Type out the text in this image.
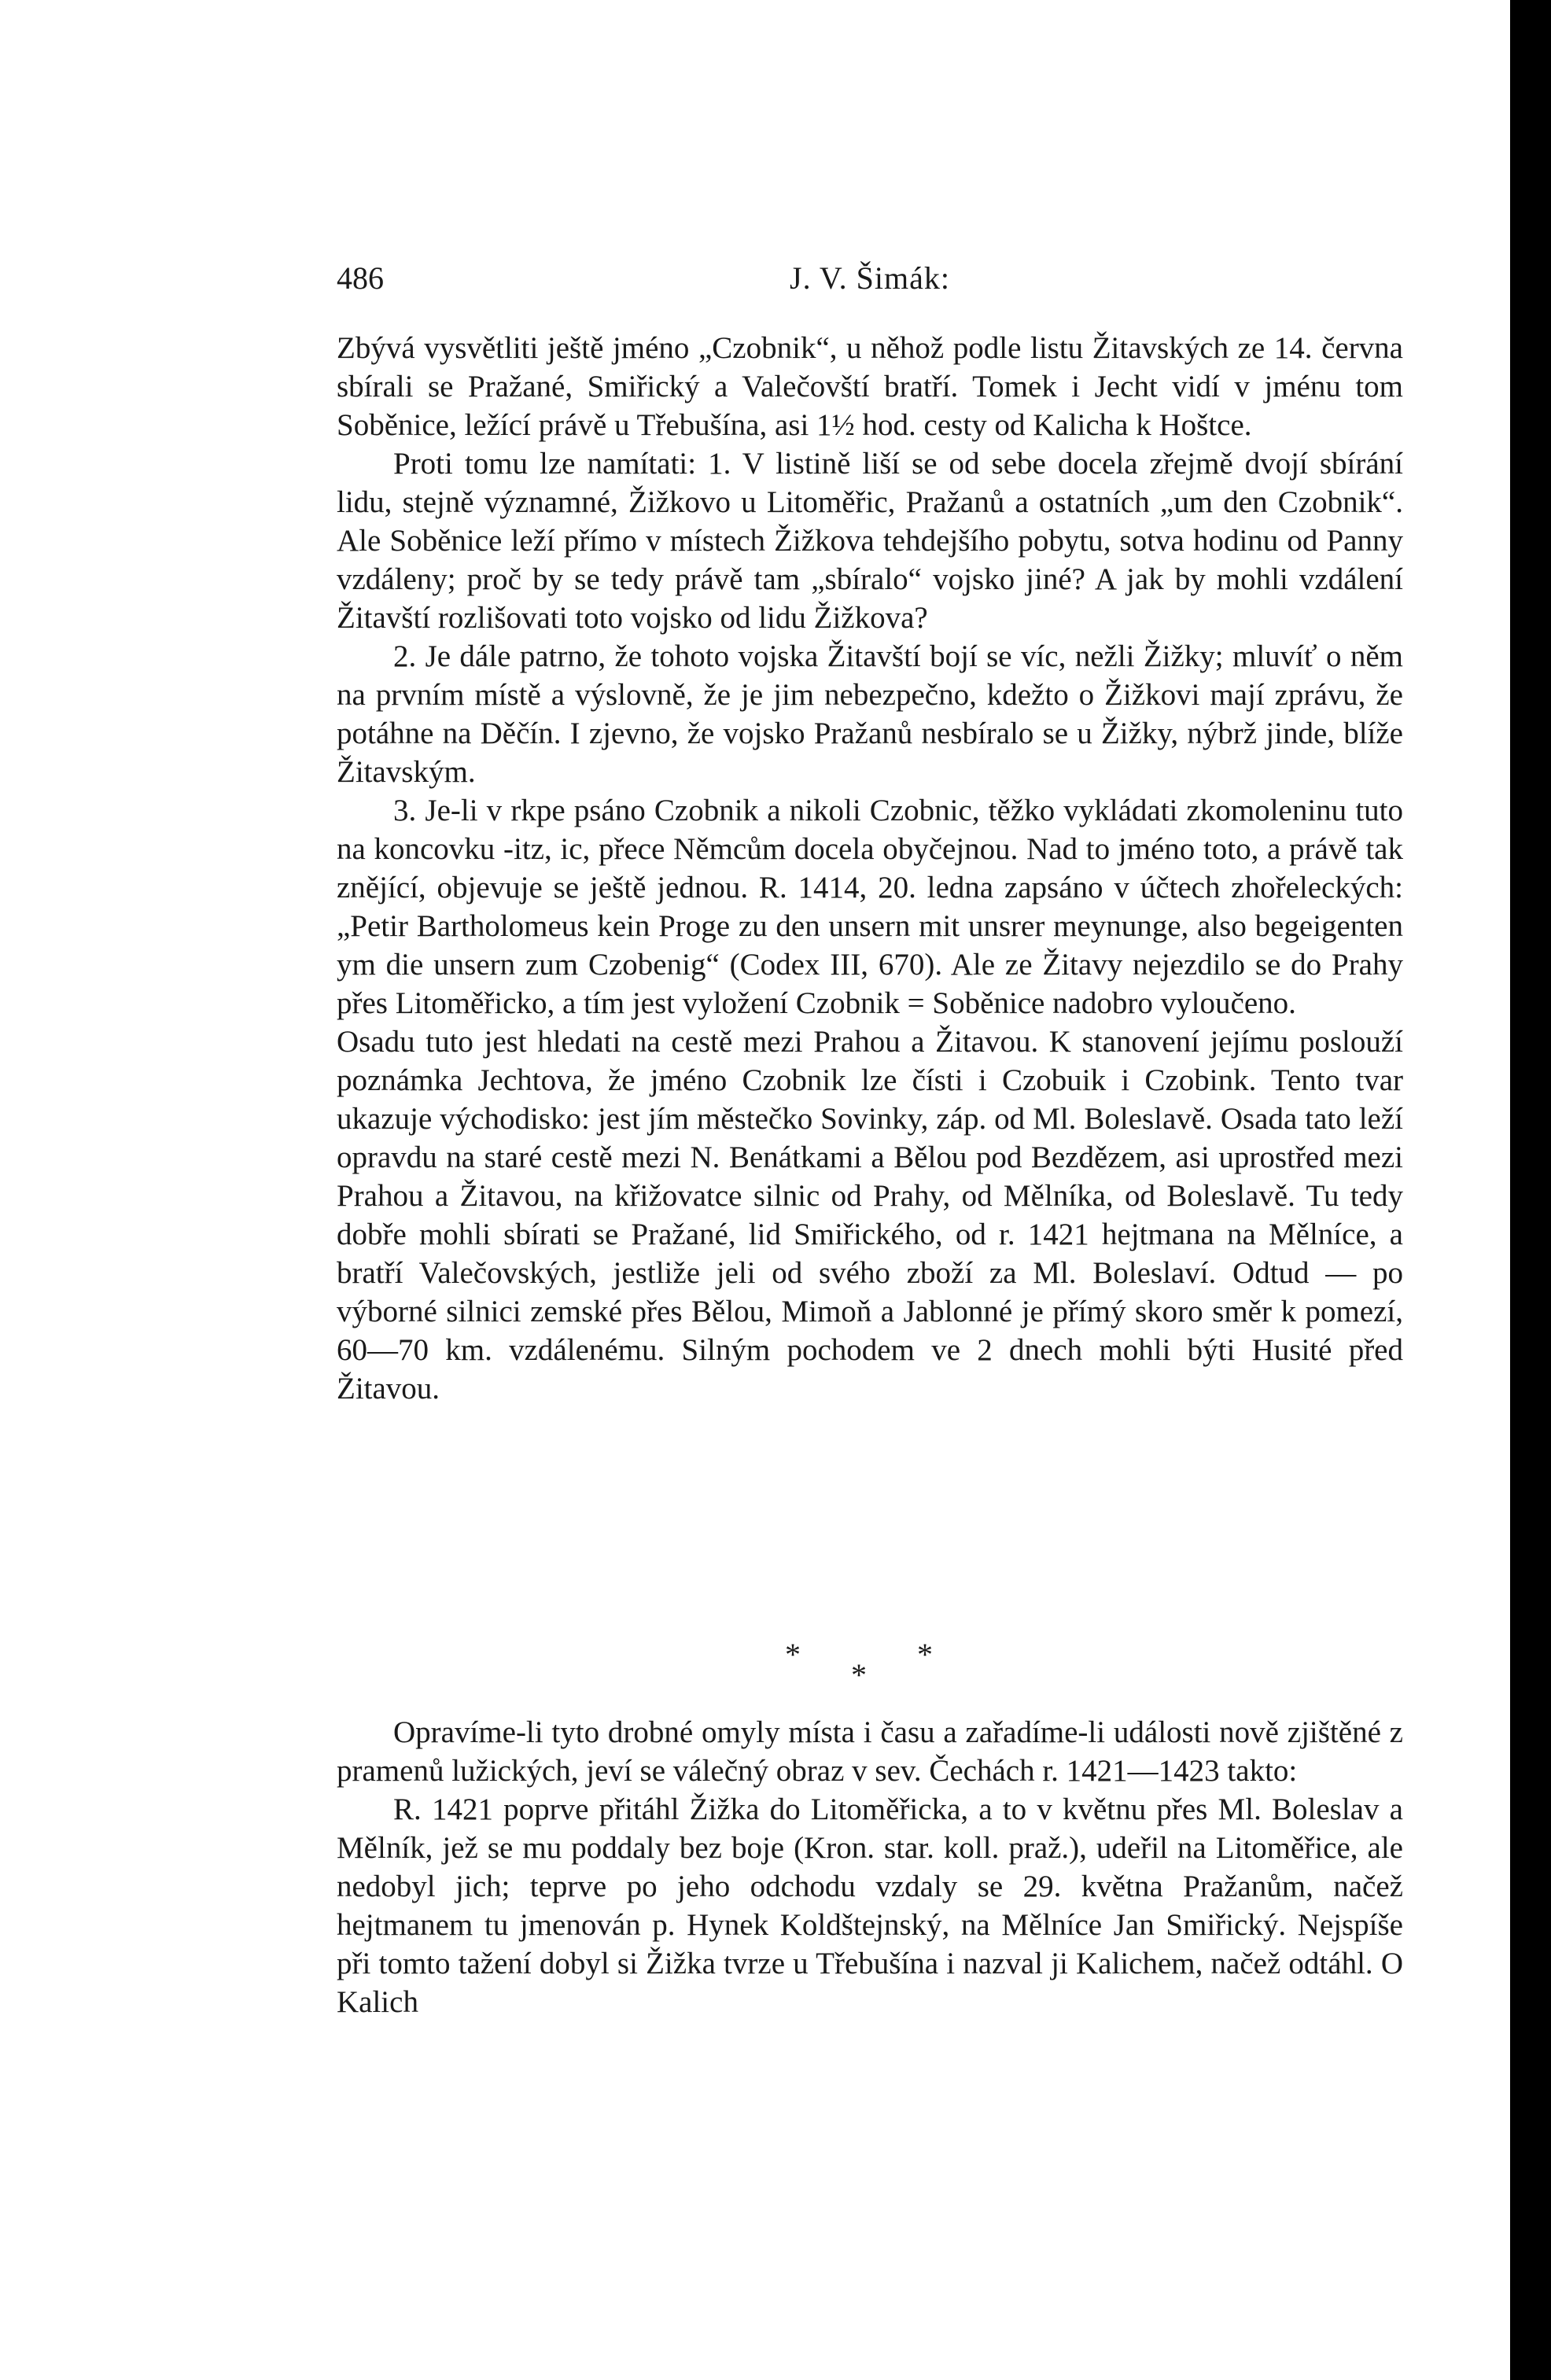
486	J. V. Šimák:

Zbývá vysvětliti ještě jméno „Czobnik“, u něhož podle listu Žitavských ze 14. června sbírali se Pražané, Smiřický a Valečovští bratří. Tomek i Jecht vidí v jménu tom Soběnice, ležící právě u Třebušína, asi 1½ hod. cesty od Kalicha k Hoštce.

Proti tomu lze namítati: 1. V listině liší se od sebe docela zřejmě dvojí sbírání lidu, stejně významné, Žižkovo u Litoměřic, Pražanů a ostatních „um den Czobnik“. Ale Soběnice leží přímo v místech Žižkova tehdejšího pobytu, sotva hodinu od Panny vzdáleny; proč by se tedy právě tam „sbíralo“ vojsko jiné? A jak by mohli vzdálení Žitavští rozlišovati toto vojsko od lidu Žižkova?

2. Je dále patrno, že tohoto vojska Žitavští bojí se víc, nežli Žižky; mluvíť o něm na prvním místě a výslovně, že je jim nebezpečno, kdežto o Žižkovi mají zprávu, že potáhne na Děčín. I zjevno, že vojsko Pražanů nesbíralo se u Žižky, nýbrž jinde, blíže Žitavským.

3. Je-li v rkpe psáno Czobnik a nikoli Czobnic, těžko vykládati zkomoleninu tuto na koncovku -itz, ic, přece Němcům docela obyčejnou. Nad to jméno toto, a právě tak znějící, objevuje se ještě jednou. R. 1414, 20. ledna zapsáno v účtech zhořeleckých: „Petir Bartholomeus kein Proge zu den unsern mit unsrer meynunge, also begeigenten ym die unsern zum Czobenig“ (Codex III, 670). Ale ze Žitavy nejezdilo se do Prahy přes Litoměřicko, a tím jest vyložení Czobnik = Soběnice nadobro vyloučeno.

Osadu tuto jest hledati na cestě mezi Prahou a Žitavou. K stanovení jejímu poslouží poznámka Jechtova, že jméno Czobnik lze čísti i Czobuik i Czobink. Tento tvar ukazuje východisko: jest jím městečko Sovinky, záp. od Ml. Boleslavě. Osada tato leží opravdu na staré cestě mezi N. Benátkami a Bělou pod Bezdězem, asi uprostřed mezi Prahou a Žitavou, na křižovatce silnic od Prahy, od Mělníka, od Boleslavě. Tu tedy dobře mohli sbírati se Pražané, lid Smiřického, od r. 1421 hejtmana na Mělníce, a bratří Valečovských, jestliže jeli od svého zboží za Ml. Boleslaví. Odtud — po výborné silnici zemské přes Bělou, Mimoň a Jablonné je přímý skoro směr k pomezí, 60—70 km. vzdálenému. Silným pochodem ve 2 dnech mohli býti Husité před Žitavou.

*
*
*

Opravíme-li tyto drobné omyly místa i času a zařadíme-li události nově zjištěné z pramenů lužických, jeví se válečný obraz v sev. Čechách r. 1421—1423 takto:

R. 1421 poprve přitáhl Žižka do Litoměřicka, a to v květnu přes Ml. Boleslav a Mělník, jež se mu poddaly bez boje (Kron. star. koll. praž.), udeřil na Litoměřice, ale nedobyl jich; teprve po jeho odchodu vzdaly se 29. května Pražanům, načež hejtmanem tu jmenován p. Hynek Koldštejnský, na Mělníce Jan Smiřický. Nejspíše při tomto tažení dobyl si Žižka tvrze u Třebušína i nazval ji Kalichem, načež odtáhl. O Kalich
